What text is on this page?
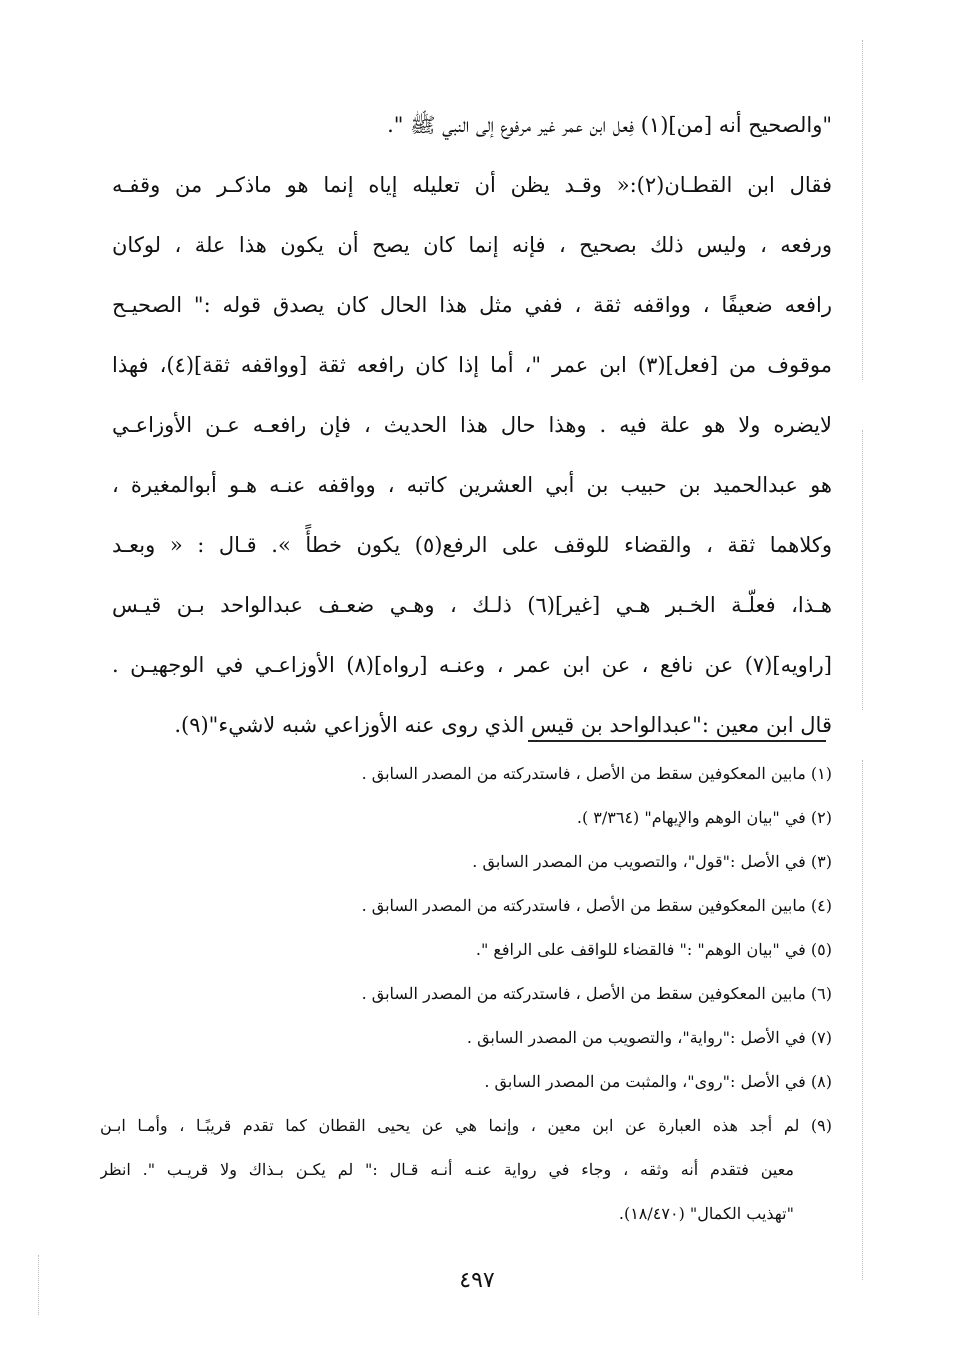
"والصحيح أنه [من](١) فِعل ابن عمر غير مرفوع إلى النبي ﷺ ".
فقال ابن القطـان(٢):« وقـد يظن أن تعليله إياه إنما هو ماذكـر من وقفـه
ورفعه ، وليس ذلك بصحيح ، فإنه إنما كان يصح أن يكون هذا علة ، لوكان
رافعه ضعيفًا ، وواقفه ثقة ، ففي مثل هذا الحال كان يصدق قوله :" الصحيـح
موقوف من [فعل](٣) ابن عمر "، أما إذا كان رافعه ثقة [وواقفه ثقة](٤)، فهذا
لايضره ولا هو علة فيه . وهذا حال هذا الحديث ، فإن رافعـه عـن الأوزاعـي
هو عبدالحميد بن حبيب بن أبي العشرين كاتبه ، وواقفه عنـه هـو أبوالمغيرة ،
وكلاهما ثقة ، والقضاء للوقف على الرفع(٥) يكون خطأً ». قـال : « وبعـد
هـذا، فعلّـة الخـبر هـي [غير](٦) ذلـك ، وهـي ضعـف عبدالواحد بـن قيـس
[راويه](٧) عن نافع ، عن ابن عمر ، وعنـه [رواه](٨) الأوزاعـي في الوجهيـن .
قال ابن معين :"عبدالواحد بن قيس الذي روى عنه الأوزاعي شبه لاشيء"(٩).
(١) مابين المعكوفين سقط من الأصل ، فاستدركته من المصدر السابق .
(٢) في "بيان الوهم والإيهام" (٣/٣٦٤ ).
(٣) في الأصل :"قول"، والتصويب من المصدر السابق .
(٤) مابين المعكوفين سقط من الأصل ، فاستدركته من المصدر السابق .
(٥) في "بيان الوهم" :" فالقضاء للواقف على الرافع ".
(٦) مابين المعكوفين سقط من الأصل ، فاستدركته من المصدر السابق .
(٧) في الأصل :"رواية"، والتصويب من المصدر السابق .
(٨) في الأصل :"روى"، والمثبت من المصدر السابق .
(٩) لم أجد هذه العبارة عن ابن معين ، وإنما هي عن يحيى القطان كما تقدم قريبًـا ، وأمـا ابـن
معين فتقدم أنه وثقه ، وجاء في رواية عنـه أنـه قـال :" لم يكـن بـذاك ولا قريـب ". انظر
"تهذيب الكمال" (١٨/٤٧٠).
٤٩٧
